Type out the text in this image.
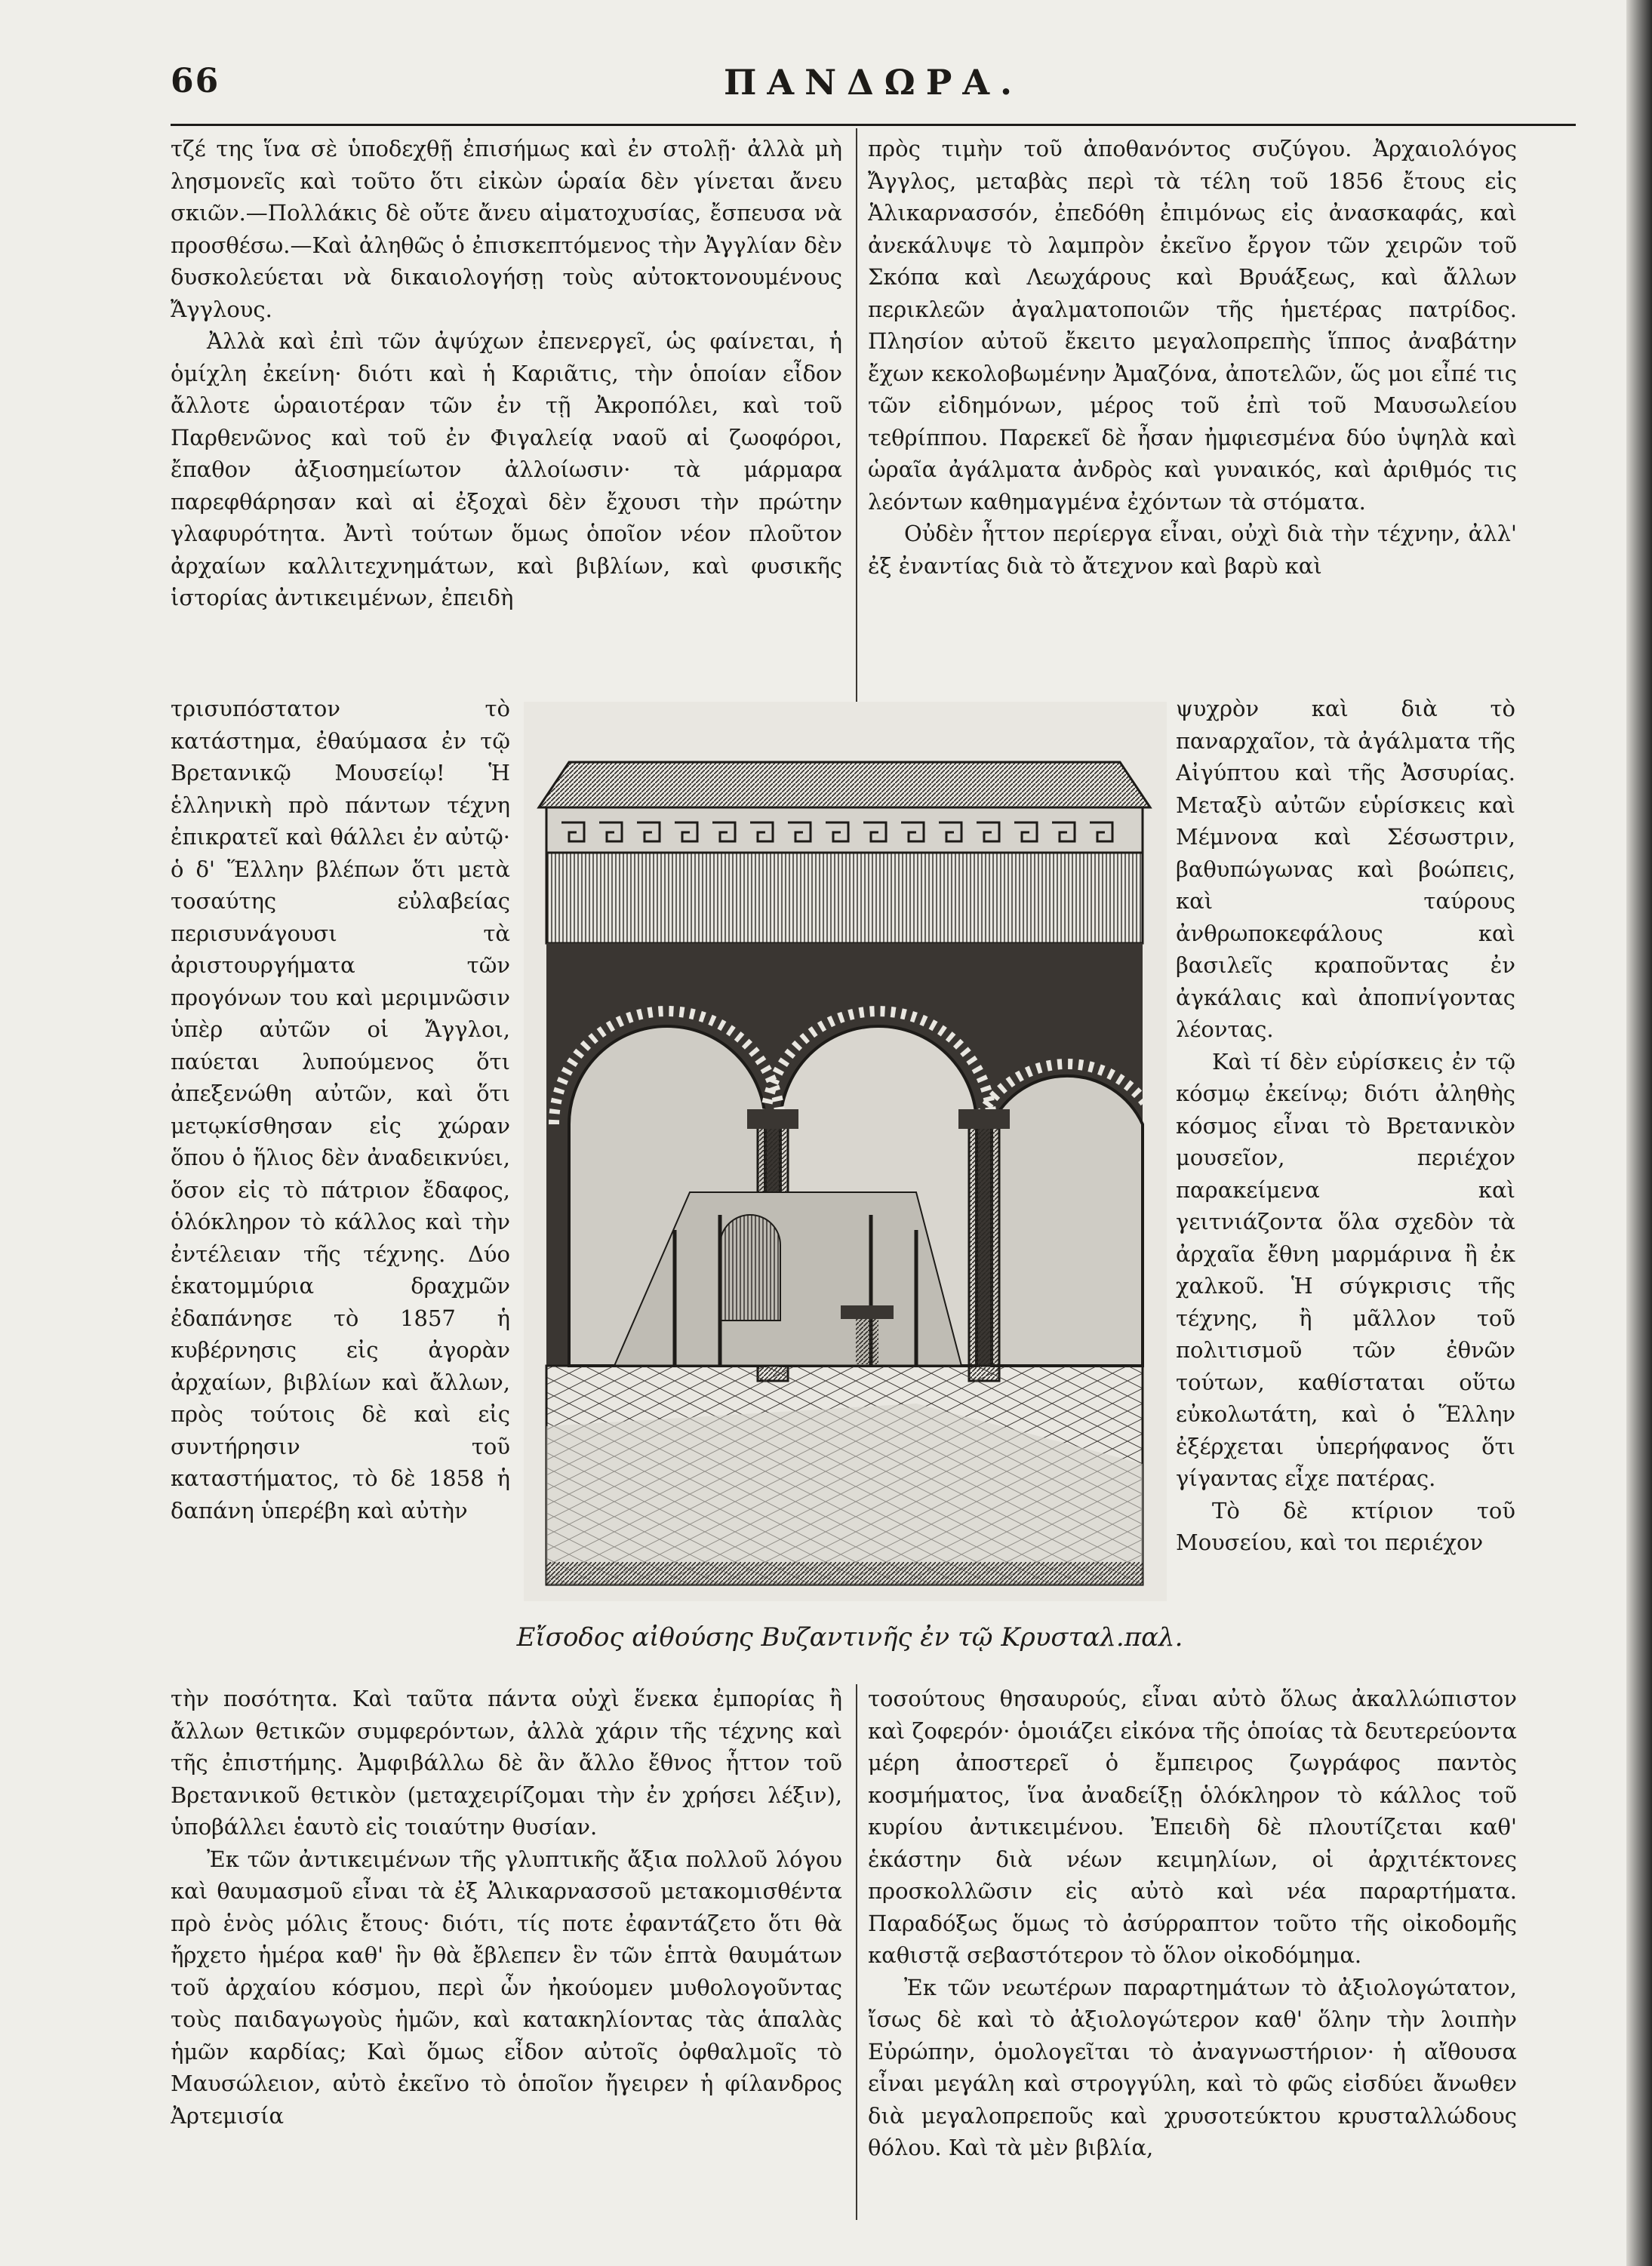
66	ΠΑΝΔΩΡΑ.

τζέ της ἵνα σὲ ὑποδεχθῇ ἐπισήμως καὶ ἐν στολῇ· ἀλλὰ μὴ λησμονεῖς καὶ τοῦτο ὅτι εἰκὼν ὡραία δὲν γίνεται ἄνευ σκιῶν.—Πολλάκις δὲ οὔτε ἄνευ αἱματοχυσίας, ἔσπευσα νὰ προσθέσω.—Καὶ ἀληθῶς ὁ ἐπισκεπτόμενος τὴν Ἀγγλίαν δὲν δυσκολεύεται νὰ δικαιολογήσῃ τοὺς αὐτοκτονουμένους Ἄγγλους.

Ἀλλὰ καὶ ἐπὶ τῶν ἀψύχων ἐπενεργεῖ, ὡς φαίνεται, ἡ ὁμίχλη ἐκείνη· διότι καὶ ἡ Καριᾶτις, τὴν ὁποίαν εἶδον ἄλλοτε ὡραιοτέραν τῶν ἐν τῇ Ἀκροπόλει, καὶ τοῦ Παρθενῶνος καὶ τοῦ ἐν Φιγαλείᾳ ναοῦ αἱ ζωοφόροι, ἔπαθον ἀξιοσημείωτον ἀλλοίωσιν· τὰ μάρμαρα παρεφθάρησαν καὶ αἱ ἐξοχαὶ δὲν ἔχουσι τὴν πρώτην γλαφυρότητα. Ἀντὶ τούτων ὅμως ὁποῖον νέον πλοῦτον ἀρχαίων καλλιτεχνημάτων, καὶ βιβλίων, καὶ φυσικῆς ἱστορίας ἀντικειμένων, ἐπειδὴ

πρὸς τιμὴν τοῦ ἀποθανόντος συζύγου. Ἀρχαιολόγος Ἄγγλος, μεταβὰς περὶ τὰ τέλη τοῦ 1856 ἔτους εἰς Ἁλικαρνασσόν, ἐπεδόθη ἐπιμόνως εἰς ἀνασκαφάς, καὶ ἀνεκάλυψε τὸ λαμπρὸν ἐκεῖνο ἔργον τῶν χειρῶν τοῦ Σκόπα καὶ Λεωχάρους καὶ Βρυάξεως, καὶ ἄλλων περικλεῶν ἀγαλματοποιῶν τῆς ἡμετέρας πατρίδος. Πλησίον αὐτοῦ ἔκειτο μεγαλοπρεπὴς ἵππος ἀναβάτην ἔχων κεκολοβωμένην Ἀμαζόνα, ἀποτελῶν, ὥς μοι εἶπέ τις τῶν εἰδημόνων, μέρος τοῦ ἐπὶ τοῦ Μαυσωλείου τεθρίππου. Παρεκεῖ δὲ ἦσαν ἠμφιεσμένα δύο ὑψηλὰ καὶ ὡραῖα ἀγάλματα ἀνδρὸς καὶ γυναικός, καὶ ἀριθμός τις λεόντων καθημαγμένα ἐχόντων τὰ στόματα.

Οὐδὲν ἧττον περίεργα εἶναι, οὐχὶ διὰ τὴν τέχνην, ἀλλ' ἐξ ἐναντίας διὰ τὸ ἄτεχνον καὶ βαρὺ καὶ

τρισυπόστατον τὸ κατάστημα, ἐθαύμασα ἐν τῷ Βρετανικῷ Μουσείῳ! Ἡ ἑλληνικὴ πρὸ πάντων τέχνη ἐπικρατεῖ καὶ θάλλει ἐν αὐτῷ· ὁ δ' Ἕλλην βλέπων ὅτι μετὰ τοσαύτης εὐλαβείας περισυνάγουσι τὰ ἀριστουργήματα τῶν προγόνων του καὶ μεριμνῶσιν ὑπὲρ αὐτῶν οἱ Ἄγγλοι, παύεται λυπούμενος ὅτι ἀπεξενώθη αὐτῶν, καὶ ὅτι μετῳκίσθησαν εἰς χώραν ὅπου ὁ ἥλιος δὲν ἀναδεικνύει, ὅσον εἰς τὸ πάτριον ἔδαφος, ὁλόκληρον τὸ κάλλος καὶ τὴν ἐντέλειαν τῆς τέχνης. Δύο ἑκατομμύρια δραχμῶν ἐδαπάνησε τὸ 1857 ἡ κυβέρνησις εἰς ἀγορὰν ἀρχαίων, βιβλίων καὶ ἄλλων, πρὸς τούτοις δὲ καὶ εἰς συντήρησιν τοῦ καταστήματος, τὸ δὲ 1858 ἡ δαπάνη ὑπερέβη καὶ αὐτὴν

ψυχρὸν καὶ διὰ τὸ παναρχαῖον, τὰ ἀγάλματα τῆς Αἰγύπτου καὶ τῆς Ἀσσυρίας. Μεταξὺ αὐτῶν εὑρίσκεις καὶ Μέμνονα καὶ Σέσωστριν, βαθυπώγωνας καὶ βοώπεις, καὶ ταύρους ἀνθρωποκεφάλους καὶ βασιλεῖς κραποῦντας ἐν ἀγκάλαις καὶ ἀποπνίγοντας λέοντας.

Καὶ τί δὲν εὑρίσκεις ἐν τῷ κόσμῳ ἐκείνῳ; διότι ἀληθὴς κόσμος εἶναι τὸ Βρετανικὸν μουσεῖον, περιέχον παρακείμενα καὶ γειτνιάζοντα ὅλα σχεδὸν τὰ ἀρχαῖα ἔθνη μαρμάρινα ἢ ἐκ χαλκοῦ. Ἡ σύγκρισις τῆς τέχνης, ἢ μᾶλλον τοῦ πολιτισμοῦ τῶν ἐθνῶν τούτων, καθίσταται οὕτω εὐκολωτάτη, καὶ ὁ Ἕλλην ἐξέρχεται ὑπερήφανος ὅτι γίγαντας εἶχε πατέρας.

Τὸ δὲ κτίριον τοῦ Μουσείου, καὶ τοι περιέχον

Εἴσοδος αἰθούσης Βυζαντινῆς ἐν τῷ Κρυσταλ.παλ.

τὴν ποσότητα. Καὶ ταῦτα πάντα οὐχὶ ἕνεκα ἐμπορίας ἢ ἄλλων θετικῶν συμφερόντων, ἀλλὰ χάριν τῆς τέχνης καὶ τῆς ἐπιστήμης. Ἀμφιβάλλω δὲ ἂν ἄλλο ἔθνος ἧττον τοῦ Βρετανικοῦ θετικὸν (μεταχειρίζομαι τὴν ἐν χρήσει λέξιν), ὑποβάλλει ἑαυτὸ εἰς τοιαύτην θυσίαν.

Ἐκ τῶν ἀντικειμένων τῆς γλυπτικῆς ἄξια πολλοῦ λόγου καὶ θαυμασμοῦ εἶναι τὰ ἐξ Ἁλικαρνασσοῦ μετακομισθέντα πρὸ ἑνὸς μόλις ἔτους· διότι, τίς ποτε ἐφαντάζετο ὅτι θὰ ἤρχετο ἡμέρα καθ' ἣν θὰ ἔβλεπεν ἓν τῶν ἑπτὰ θαυμάτων τοῦ ἀρχαίου κόσμου, περὶ ὧν ἠκούομεν μυθολογοῦντας τοὺς παιδαγωγοὺς ἡμῶν, καὶ κατακηλίοντας τὰς ἁπαλὰς ἡμῶν καρδίας; Καὶ ὅμως εἶδον αὐτοῖς ὀφθαλμοῖς τὸ Μαυσώλειον, αὐτὸ ἐκεῖνο τὸ ὁποῖον ἤγειρεν ἡ φίλανδρος Ἀρτεμισία

τοσούτους θησαυρούς, εἶναι αὐτὸ ὅλως ἀκαλλώπιστον καὶ ζοφερόν· ὁμοιάζει εἰκόνα τῆς ὁποίας τὰ δευτερεύοντα μέρη ἀποστερεῖ ὁ ἔμπειρος ζωγράφος παντὸς κοσμήματος, ἵνα ἀναδείξῃ ὁλόκληρον τὸ κάλλος τοῦ κυρίου ἀντικειμένου. Ἐπειδὴ δὲ πλουτίζεται καθ' ἑκάστην διὰ νέων κειμηλίων, οἱ ἀρχιτέκτονες προσκολλῶσιν εἰς αὐτὸ καὶ νέα παραρτήματα. Παραδόξως ὅμως τὸ ἀσύρραπτον τοῦτο τῆς οἰκοδομῆς καθιστᾷ σεβαστότερον τὸ ὅλον οἰκοδόμημα.

Ἐκ τῶν νεωτέρων παραρτημάτων τὸ ἀξιολογώτατον, ἴσως δὲ καὶ τὸ ἀξιολογώτερον καθ' ὅλην τὴν λοιπὴν Εὐρώπην, ὁμολογεῖται τὸ ἀναγνωστήριον· ἡ αἴθουσα εἶναι μεγάλη καὶ στρογγύλη, καὶ τὸ φῶς εἰσδύει ἄνωθεν διὰ μεγαλοπρεποῦς καὶ χρυσοτεύκτου κρυσταλλώδους θόλου. Καὶ τὰ μὲν βιβλία,
